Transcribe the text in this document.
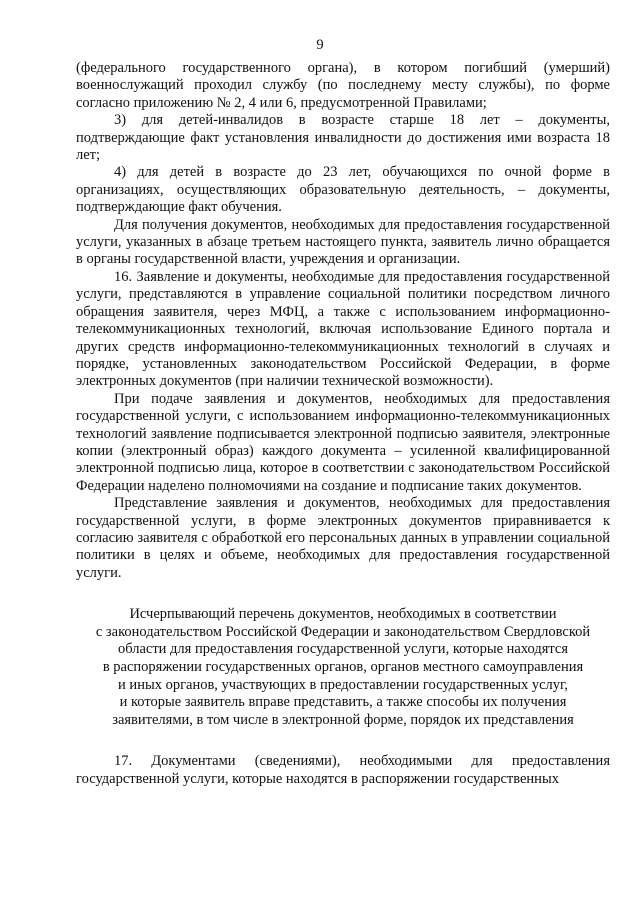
9

(федерального государственного органа), в котором погибший (умерший) военнослужащий проходил службу (по последнему месту службы), по форме согласно приложению № 2, 4 или 6, предусмотренной Правилами;

3) для детей-инвалидов в возрасте старше 18 лет – документы, подтверждающие факт установления инвалидности до достижения ими возраста 18 лет;

4) для детей в возрасте до 23 лет, обучающихся по очной форме в организациях, осуществляющих образовательную деятельность, – документы, подтверждающие факт обучения.

Для получения документов, необходимых для предоставления государственной услуги, указанных в абзаце третьем настоящего пункта, заявитель лично обращается в органы государственной власти, учреждения и организации.

16. Заявление и документы, необходимые для предоставления государственной услуги, представляются в управление социальной политики посредством личного обращения заявителя, через МФЦ, а также с использованием информационно-телекоммуникационных технологий, включая использование Единого портала и других средств информационно-телекоммуникационных технологий в случаях и порядке, установленных законодательством Российской Федерации, в форме электронных документов (при наличии технической возможности).

При подаче заявления и документов, необходимых для предоставления государственной услуги, с использованием информационно-телекоммуникационных технологий заявление подписывается электронной подписью заявителя, электронные копии (электронный образ) каждого документа – усиленной квалифицированной электронной подписью лица, которое в соответствии с законодательством Российской Федерации наделено полномочиями на создание и подписание таких документов.

Представление заявления и документов, необходимых для предоставления государственной услуги, в форме электронных документов приравнивается к согласию заявителя с обработкой его персональных данных в управлении социальной политики в целях и объеме, необходимых для предоставления государственной услуги.

Исчерпывающий перечень документов, необходимых в соответствии
с законодательством Российской Федерации и законодательством Свердловской
области для предоставления государственной услуги, которые находятся
в распоряжении государственных органов, органов местного самоуправления
и иных органов, участвующих в предоставлении государственных услуг,
и которые заявитель вправе представить, а также способы их получения
заявителями, в том числе в электронной форме, порядок их представления

17. Документами (сведениями), необходимыми для предоставления государственной услуги, которые находятся в распоряжении государственных
